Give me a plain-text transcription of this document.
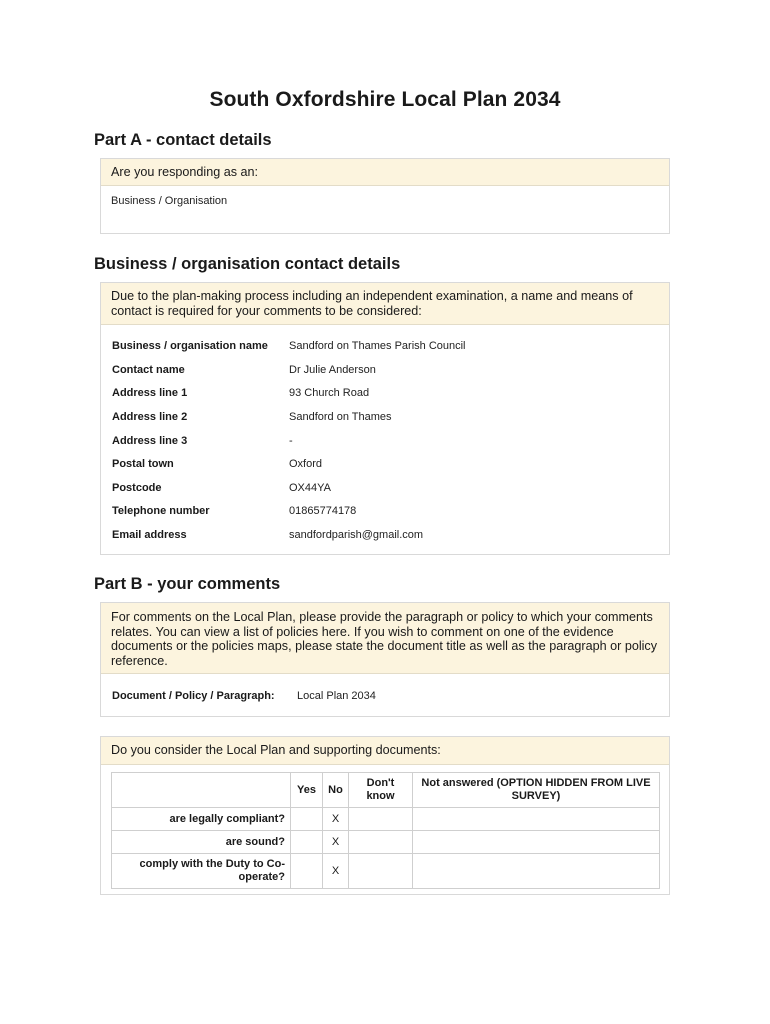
South Oxfordshire Local Plan 2034
Part A - contact details
Are you responding as an:
Business / Organisation
Business / organisation contact details
Due to the plan-making process including an independent examination, a name and means of contact is required for your comments to be considered:
Business / organisation name Sandford on Thames Parish Council
Contact name	Dr Julie Anderson
Address line 1	93 Church Road
Address line 2	Sandford on Thames
Address line 3	-
Postal town	Oxford
Postcode	OX44YA
Telephone number	01865774178
Email address	sandfordparish@gmail.com
Part B - your comments
For comments on the Local Plan, please provide the paragraph or policy to which your comments relates. You can view a list of policies here. If you wish to comment on one of the evidence documents or the policies maps, please state the document title as well as the paragraph or policy reference.
Document / Policy / Paragraph: Local Plan 2034
Do you consider the Local Plan and supporting documents:
	Yes	No	Don't know	Not answered (OPTION HIDDEN FROM LIVE SURVEY)
are legally compliant?		X		
are sound?		X		
comply with the Duty to Co-operate?		X		
